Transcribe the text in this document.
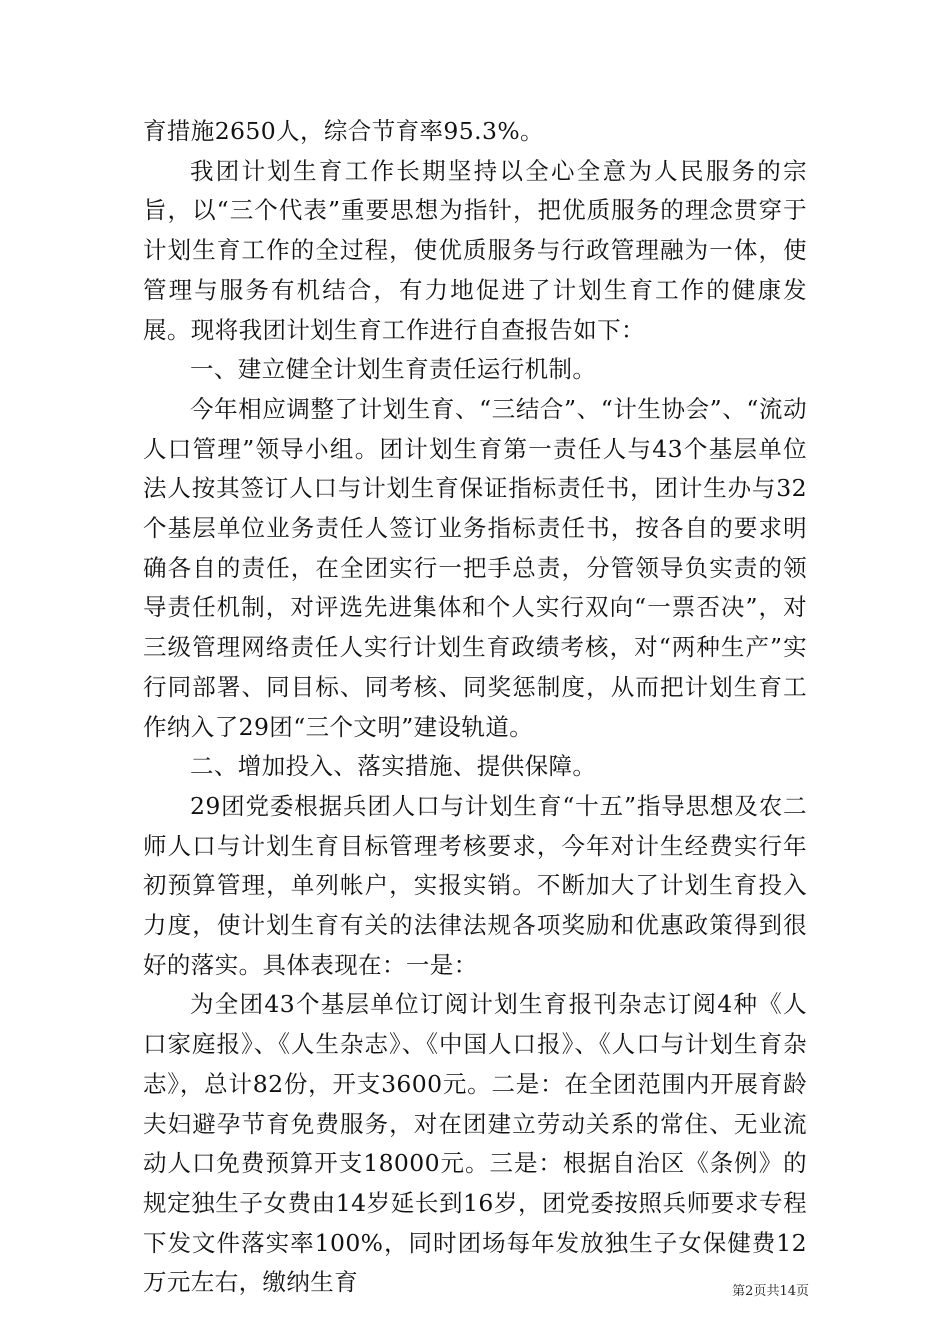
育措施2650人，综合节育率95.3%。

我团计划生育工作长期坚持以全心全意为人民服务的宗旨，以“三个代表”重要思想为指针，把优质服务的理念贯穿于计划生育工作的全过程，使优质服务与行政管理融为一体，使管理与服务有机结合，有力地促进了计划生育工作的健康发展。现将我团计划生育工作进行自查报告如下：

一、建立健全计划生育责任运行机制。

今年相应调整了计划生育、“三结合”、“计生协会”、“流动人口管理”领导小组。团计划生育第一责任人与43个基层单位法人按其签订人口与计划生育保证指标责任书，团计生办与32个基层单位业务责任人签订业务指标责任书，按各自的要求明确各自的责任，在全团实行一把手总责，分管领导负实责的领导责任机制，对评选先进集体和个人实行双向“一票否决”，对三级管理网络责任人实行计划生育政绩考核，对“两种生产”实行同部署、同目标、同考核、同奖惩制度，从而把计划生育工作纳入了29团“三个文明”建设轨道。

二、增加投入、落实措施、提供保障。

29团党委根据兵团人口与计划生育“十五”指导思想及农二师人口与计划生育目标管理考核要求，今年对计生经费实行年初预算管理，单列帐户，实报实销。不断加大了计划生育投入力度，使计划生育有关的法律法规各项奖励和优惠政策得到很好的落实。具体表现在：一是：

为全团43个基层单位订阅计划生育报刊杂志订阅4种《人口家庭报》、《人生杂志》、《中国人口报》、《人口与计划生育杂志》，总计82份，开支3600元。二是：在全团范围内开展育龄夫妇避孕节育免费服务，对在团建立劳动关系的常住、无业流动人口免费预算开支18000元。三是：根据自治区《条例》的规定独生子女费由14岁延长到16岁，团党委按照兵师要求专程下发文件落实率100%，同时团场每年发放独生子女保健费12万元左右，缴纳生育	第2页共14页
